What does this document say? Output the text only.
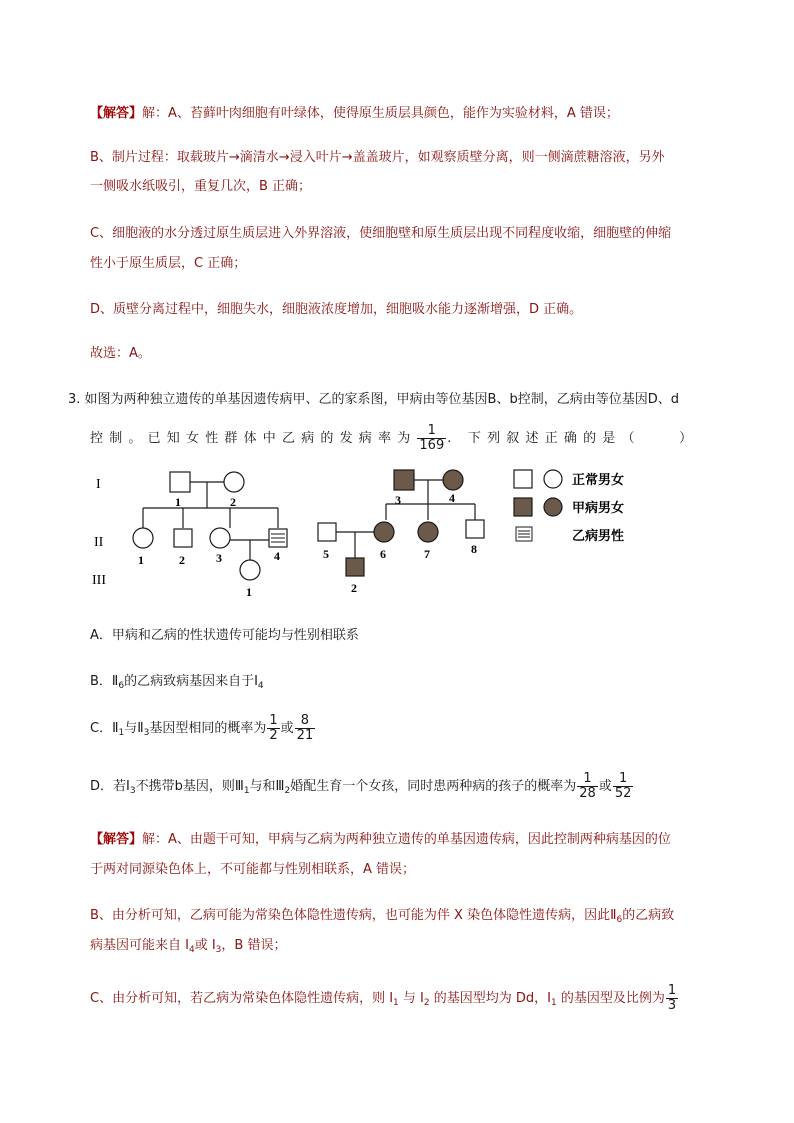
【解答】解：A、苔藓叶肉细胞有叶绿体，使得原生质层具颜色，能作为实验材料，A 错误；
B、制片过程：取载玻片→滴清水→浸入叶片→盖盖玻片，如观察质壁分离，则一侧滴蔗糖溶液，另外
一侧吸水纸吸引，重复几次，B 正确；
C、细胞液的水分透过原生质层进入外界溶液，使细胞壁和原生质层出现不同程度收缩，细胞壁的伸缩
性小于原生质层，C 正确；
D、质壁分离过程中，细胞失水，细胞液浓度增加，细胞吸水能力逐渐增强，D 正确。
故选：A。
3. 如图为两种独立遗传的单基因遗传病甲、乙的家系图，甲病由等位基因B、b控制，乙病由等位基因D、d
控制。已知女性群体中乙病的发病率为 $\frac{1}{169}$ . 下列叙述正确的是（　　）
I
II
III
1	2
1	2	3	4
1
3	4
5	6	7	8
2
正常男女
甲病男女
乙病男性
A．甲病和乙病的性状遗传可能均与性别相联系
B．$Ⅱ_6$的乙病致病基因来自于$Ⅰ_4$
C．$Ⅱ_1$与$Ⅱ_3$基因型相同的概率为 $\frac{1}{2}$ 或 $\frac{8}{21}$
D．若$Ⅰ_3$不携带b基因，则$Ⅲ_1$与和$Ⅲ_2$婚配生育一个女孩，同时患两种病的孩子的概率为 $\frac{1}{28}$ 或 $\frac{1}{52}$
【解答】解：A、由题干可知，甲病与乙病为两种独立遗传的单基因遗传病，因此控制两种病基因的位
于两对同源染色体上，不可能都与性别相联系，A 错误；
B、由分析可知，乙病可能为常染色体隐性遗传病，也可能为伴 X 染色体隐性遗传病，因此$Ⅱ_6$的乙病致
病基因可能来自 $I_4$或 $I_3$，B 错误；
C、由分析可知，若乙病为常染色体隐性遗传病，则 $I_1$ 与 $I_2$ 的基因型均为 Dd，$I_1$ 的基因型及比例为 $\frac{1}{3}$
